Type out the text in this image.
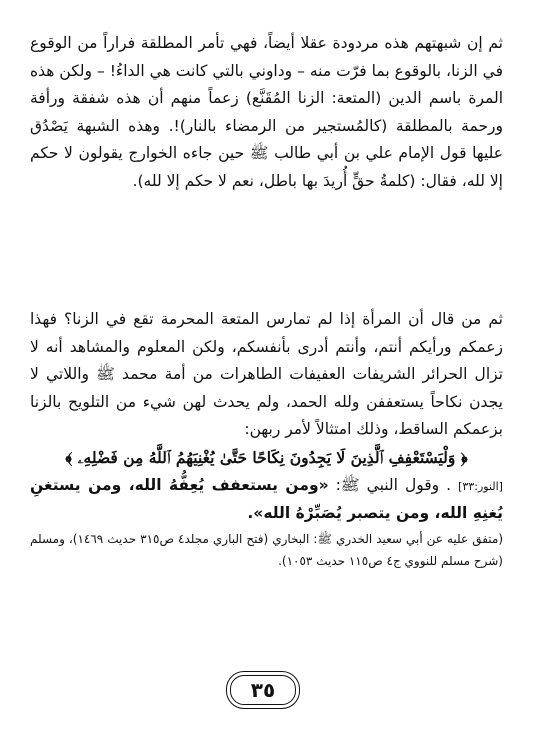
ثم إن شبهتهم هذه مردودة عقلا أيضاً، فهي تأمر المطلقة فراراً من الوقوع في الزنا، بالوقوع بما فرّت منه – وداوني بالتي كانت هي الداءُ! – ولكن هذه المرة باسم الدين (المتعة: الزنا المُقَنَّع) زعماً منهم أن هذه شفقة ورأفة ورحمة بالمطلقة (كالمُستجير من الرمضاء بالنار)!. وهذه الشبهة يَصْدُق عليها قول الإمام علي بن أبي طالب ﷺ حين جاءه الخوارج يقولون لا حكم إلا لله، فقال: (كلمةُ حقٍّ أُريدَ بها باطل، نعم لا حكم إلا لله).

ثم من قال أن المرأة إذا لم تمارس المتعة المحرمة تقع في الزنا؟ فهذا زعمكم ورأيكم أنتم، وأنتم أدرى بأنفسكم، ولكن المعلوم والمشاهد أنه لا تزال الحرائر الشريفات العفيفات الطاهرات من أمة محمد ﷺ واللاتي لا يجدن نكاحاً يستعففن ولله الحمد، ولم يحدث لهن شيء من التلويح بالزنا بزعمكم الساقط، وذلك امتثالاً لأمر ربهن:
﴿ وَلْيَسْتَعْفِفِ ٱلَّذِينَ لَا يَجِدُونَ نِكَاحًا حَتَّىٰ يُغْنِيَهُمُ ٱللَّهُ مِن فَضْلِهِۦ ﴾
[النور:٣٣] . وقول النبي ﷺ: «ومن يستعفف يُعِفُّهُ الله، ومن يستغنِ يُغنِهِ الله، ومن يتصبر يُصَبِّرْهُ الله».
(متفق عليه عن أبي سعيد الخدري ﷺ: البخاري (فتح الباري مجلد٤ ص٣١٥ حديث ١٤٦٩)، ومسلم (شرح مسلم للنووي ج٤ ص١١٥ حديث ١٠٥٣).
٣٥
